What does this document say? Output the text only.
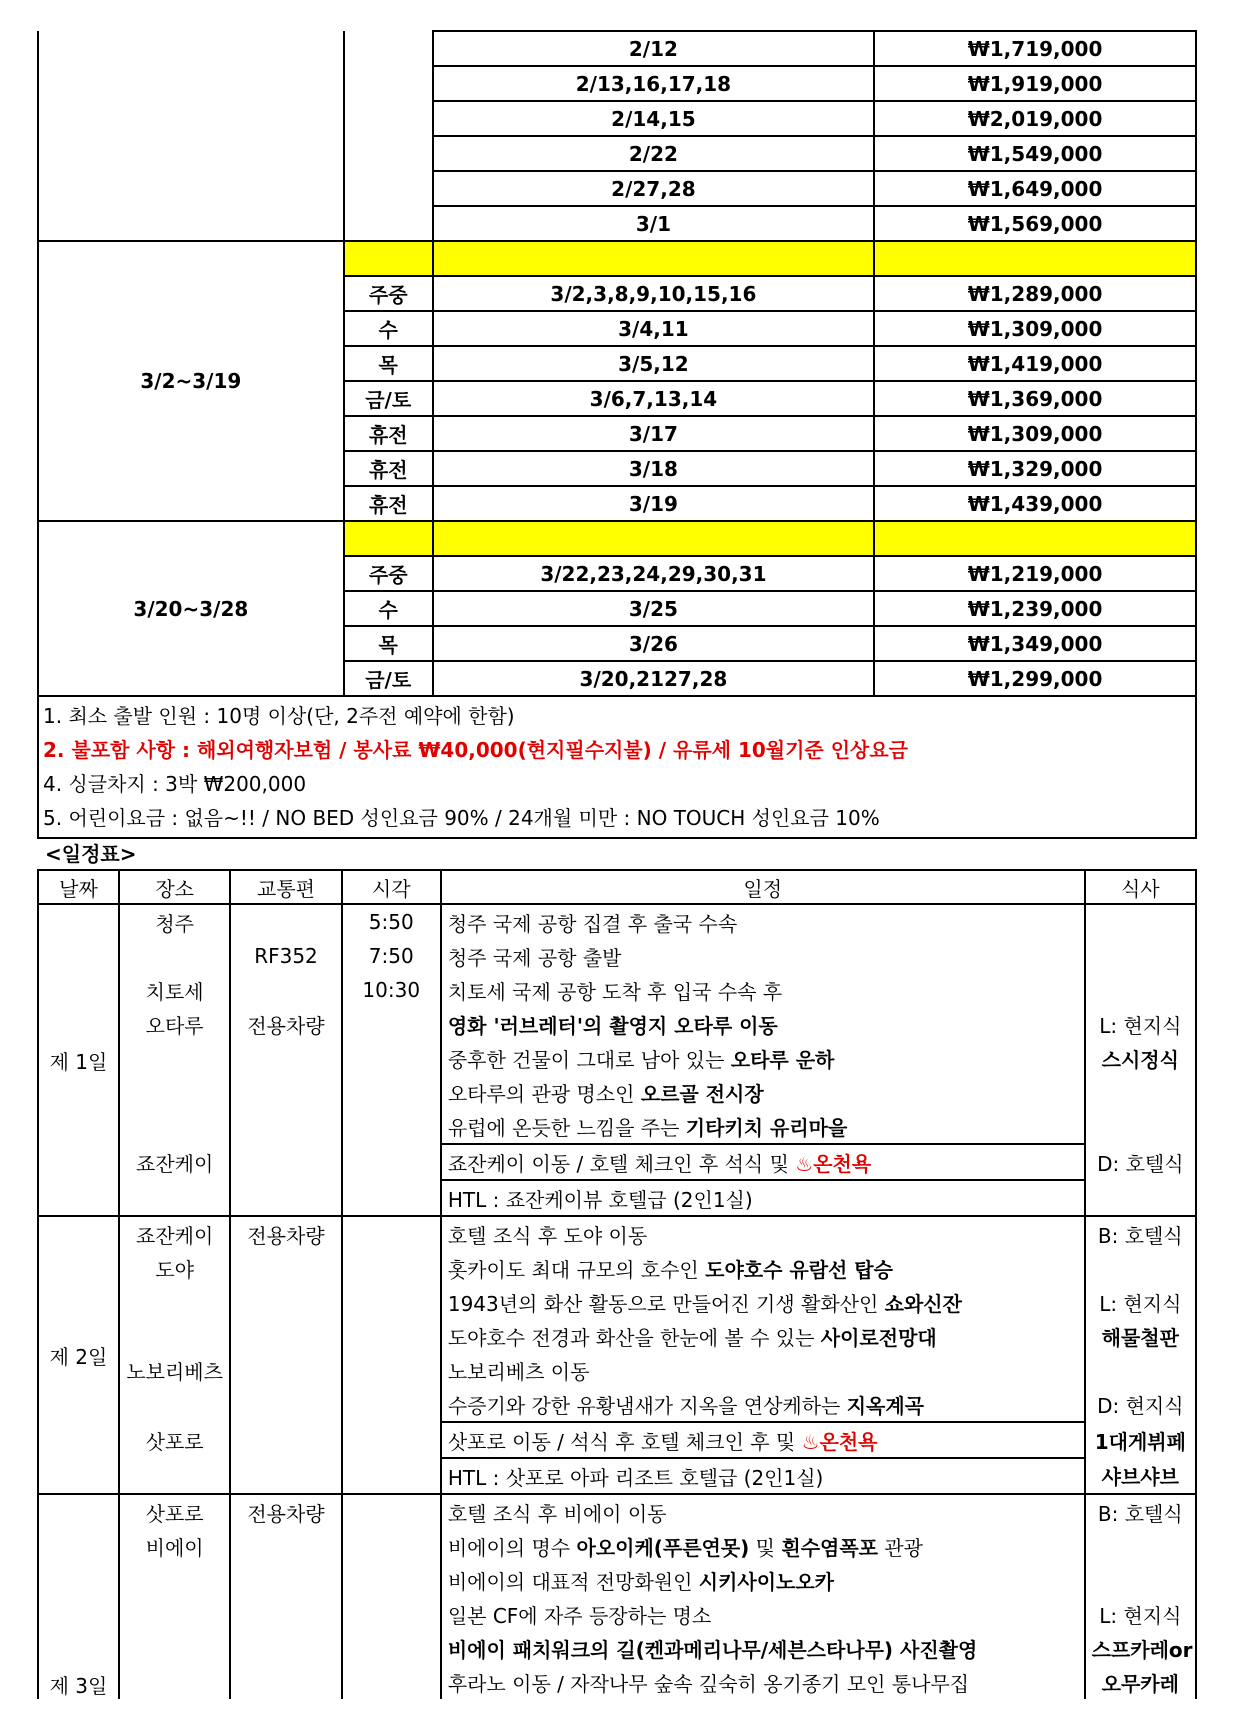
		2/12	₩1,719,000
		2/13,16,17,18	₩1,919,000
		2/14,15	₩2,019,000
		2/22	₩1,549,000
		2/27,28	₩1,649,000
		3/1	₩1,569,000
3/2~3/19			
	주중	3/2,3,8,9,10,15,16	₩1,289,000
	수	3/4,11	₩1,309,000
	목	3/5,12	₩1,419,000
	금/토	3/6,7,13,14	₩1,369,000
	휴전	3/17	₩1,309,000
	휴전	3/18	₩1,329,000
	휴전	3/19	₩1,439,000
3/20~3/28			
	주중	3/22,23,24,29,30,31	₩1,219,000
	수	3/25	₩1,239,000
	목	3/26	₩1,349,000
	금/토	3/20,2127,28	₩1,299,000
1. 최소 출발 인원 : 10명 이상(단, 2주전 예약에 한함)
2. 불포함 사항 : 해외여행자보험 / 봉사료 ₩40,000(현지필수지불) / 유류세 10월기준 인상요금
4. 싱글차지 : 3박 ₩200,000
5. 어린이요금 : 없음~!! / NO BED 성인요금 90% / 24개월 미만 : NO TOUCH 성인요금 10%
<일정표>
날짜	장소	교통편	시각	일정	식사
제 1일	청주		5:50	청주 국제 공항 집결 후 출국 수속	
		RF352	7:50	청주 국제 공항 출발	
	치토세		10:30	치토세 국제 공항 도착 후 입국 수속 후	
	오타루	전용차량		영화 '러브레터'의 촬영지 오타루 이동	L: 현지식
				중후한 건물이 그대로 남아 있는 오타루 운하	스시정식
				오타루의 관광 명소인 오르골 전시장	
				유럽에 온듯한 느낌을 주는 기타키치 유리마을	
	죠잔케이			죠잔케이 이동 / 호텔 체크인 후 석식 및 ♨온천욕	D: 호텔식
				HTL : 죠잔케이뷰 호텔급 (2인1실)	
제 2일	죠잔케이	전용차량		호텔 조식 후 도야 이동	B: 호텔식
	도야			홋카이도 최대 규모의 호수인 도야호수 유람선 탑승	
				1943년의 화산 활동으로 만들어진 기생 활화산인 쇼와신잔	L: 현지식
				도야호수 전경과 화산을 한눈에 볼 수 있는 사이로전망대	해물철판
	노보리베츠			노보리베츠 이동	
				수증기와 강한 유황냄새가 지옥을 연상케하는 지옥계곡	D: 현지식
	삿포로			삿포로 이동 / 석식 후 호텔 체크인 후 및 ♨온천욕	1대게뷔페
				HTL : 삿포로 아파 리조트 호텔급 (2인1실)	샤브샤브
제 3일	삿포로	전용차량		호텔 조식 후 비에이 이동	B: 호텔식
	비에이			비에이의 명수 아오이케(푸른연못) 및 흰수염폭포 관광	
				비에이의 대표적 전망화원인 시키사이노오카	
				일본 CF에 자주 등장하는 명소	L: 현지식
				비에이 패치워크의 길(켄과메리나무/세븐스타나무) 사진촬영	스프카레or
				후라노 이동 / 자작나무 숲속 깊숙히 옹기종기 모인 통나무집	오무카레
